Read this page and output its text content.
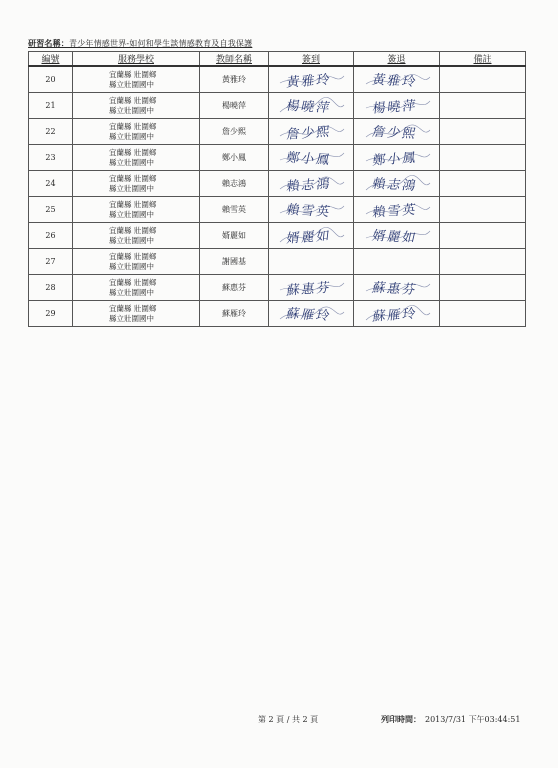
研習名稱：青少年情感世界-如何和學生談情感教育及自我保護
編號	服務學校	教師名稱	簽到	簽退	備註
20	宜蘭縣 壯圍鄉
縣立壯圍國中	黃雅玲	黃雅玲	黃雅玲	

21	宜蘭縣 壯圍鄉
縣立壯圍國中	楊曉萍	楊曉萍	楊曉萍	

22	宜蘭縣 壯圍鄉
縣立壯圍國中	詹少熙	詹少熙	詹少熙	

23	宜蘭縣 壯圍鄉
縣立壯圍國中	鄭小鳳	鄭小鳳	鄭小鳳	

24	宜蘭縣 壯圍鄉
縣立壯圍國中	賴志鴻	賴志鴻	賴志鴻	

25	宜蘭縣 壯圍鄉
縣立壯圍國中	賴雪英	賴雪英	賴雪英	

26	宜蘭縣 壯圍鄉
縣立壯圍國中	婿麗如	婿麗如	婿麗如	

27	宜蘭縣 壯圍鄉
縣立壯圍國中	謝國基			
28	宜蘭縣 壯圍鄉
縣立壯圍國中	蘇惠芬	蘇惠芬	蘇惠芬	

29	宜蘭縣 壯圍鄉
縣立壯圍國中	蘇雁玲	蘇雁玲	蘇雁玲	

第 2 頁 / 共 2 頁	列印時間： 2013/7/31 下午03:44:51
